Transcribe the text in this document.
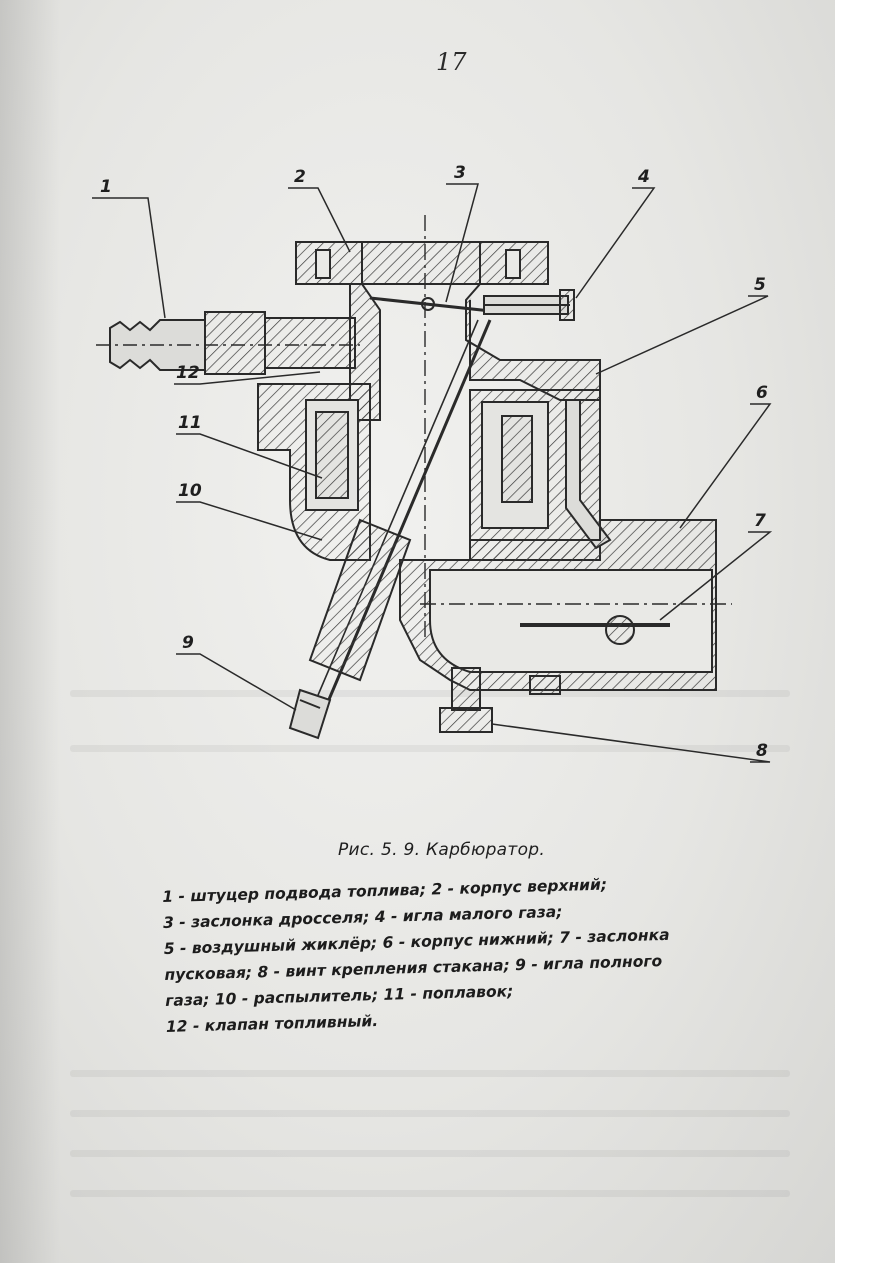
17
1	2	3	4
5
6
7
8
9
10
11
12
Рис. 5. 9. Карбюратор.
1 - штуцер подвода топлива; 2 - корпус верхний;
3 - заслонка дросселя; 4 - игла малого газа;
5 - воздушный жиклёр; 6 - корпус нижний; 7 - заслонка
пусковая; 8 - винт крепления стакана; 9 - игла полного
газа; 10 - распылитель; 11 - поплавок;
12 - клапан топливный.
